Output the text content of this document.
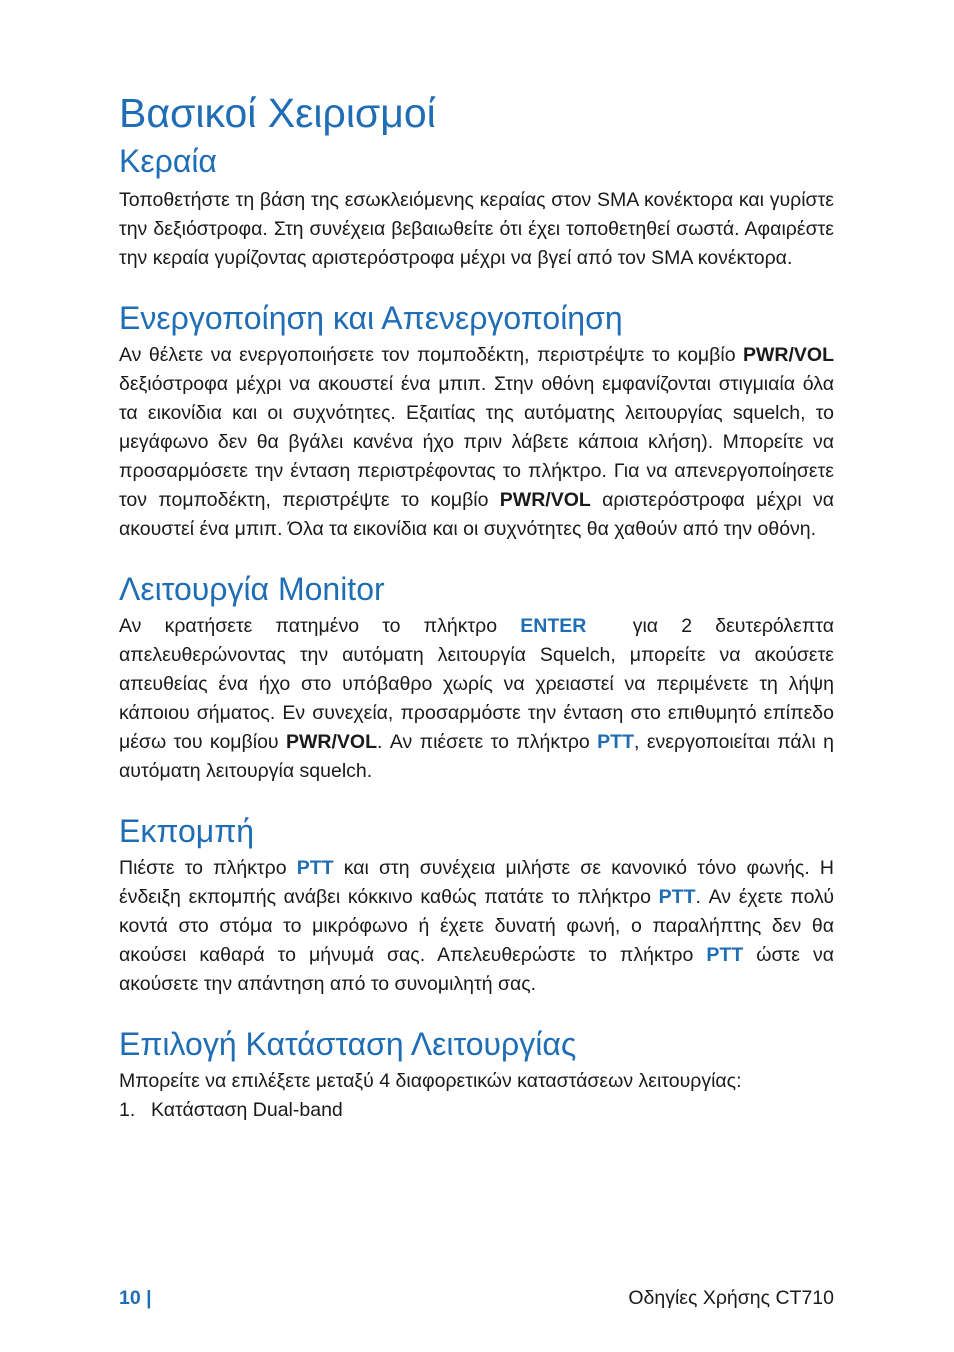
Βασικοί Χειρισμοί
Κεραία

Τοποθετήστε τη βάση της εσωκλειόμενης κεραίας στον SMA κονέκτορα και γυρίστε την δεξιόστροφα. Στη συνέχεια βεβαιωθείτε ότι έχει τοποθετηθεί σωστά. Αφαιρέστε την κεραία γυρίζοντας αριστερόστροφα μέχρι να βγεί από τον SMA κονέκτορα.

Ενεργοποίηση και Απενεργοποίηση

Αν θέλετε να ενεργοποιήσετε τον πομποδέκτη, περιστρέψτε το κομβίο PWR/VOL δεξιόστροφα μέχρι να ακουστεί ένα μπιπ. Στην οθόνη εμφανίζονται στιγμιαία όλα τα εικονίδια και οι συχνότητες. Εξαιτίας της αυτόματης λειτουργίας squelch, το μεγάφωνο δεν θα βγάλει κανένα ήχο πριν λάβετε κάποια κλήση). Μπορείτε να προσαρμόσετε την ένταση περιστρέφοντας το πλήκτρο. Για να απενεργοποίησετε τον πομποδέκτη, περιστρέψτε το κομβίο PWR/VOL αριστερόστροφα μέχρι να ακουστεί ένα μπιπ. Όλα τα εικονίδια και οι συχνότητες θα χαθούν από την οθόνη.

Λειτουργία Monitor

Αν κρατήσετε πατημένο το πλήκτρο ENTER για 2 δευτερόλεπτα απελευθερώνοντας την αυτόματη λειτουργία Squelch, μπορείτε να ακούσετε απευθείας ένα ήχο στο υπόβαθρο χωρίς να χρειαστεί να περιμένετε τη λήψη κάποιου σήματος. Εν συνεχεία, προσαρμόστε την ένταση στο επιθυμητό επίπεδο μέσω του κομβίου PWR/VOL. Αν πιέσετε το πλήκτρο PTT, ενεργοποιείται πάλι η αυτόματη λειτουργία squelch.

Εκπομπή

Πιέστε το πλήκτρο PTT και στη συνέχεια μιλήστε σε κανονικό τόνο φωνής. Η ένδειξη εκπομπής ανάβει κόκκινο καθώς πατάτε το πλήκτρο PTT. Αν έχετε πολύ κοντά στο στόμα το μικρόφωνο ή έχετε δυνατή φωνή, ο παραλήπτης δεν θα ακούσει καθαρά το μήνυμά σας. Απελευθερώστε το πλήκτρο PTT ώστε να ακούσετε την απάντηση από το συνομιλητή σας.

Επιλογή Κατάσταση Λειτουργίας

Μπορείτε να επιλέξετε μεταξύ 4 διαφορετικών καταστάσεων λειτουργίας:

1. Κατάσταση Dual-band
10 |	Οδηγίες Χρήσης CT710
